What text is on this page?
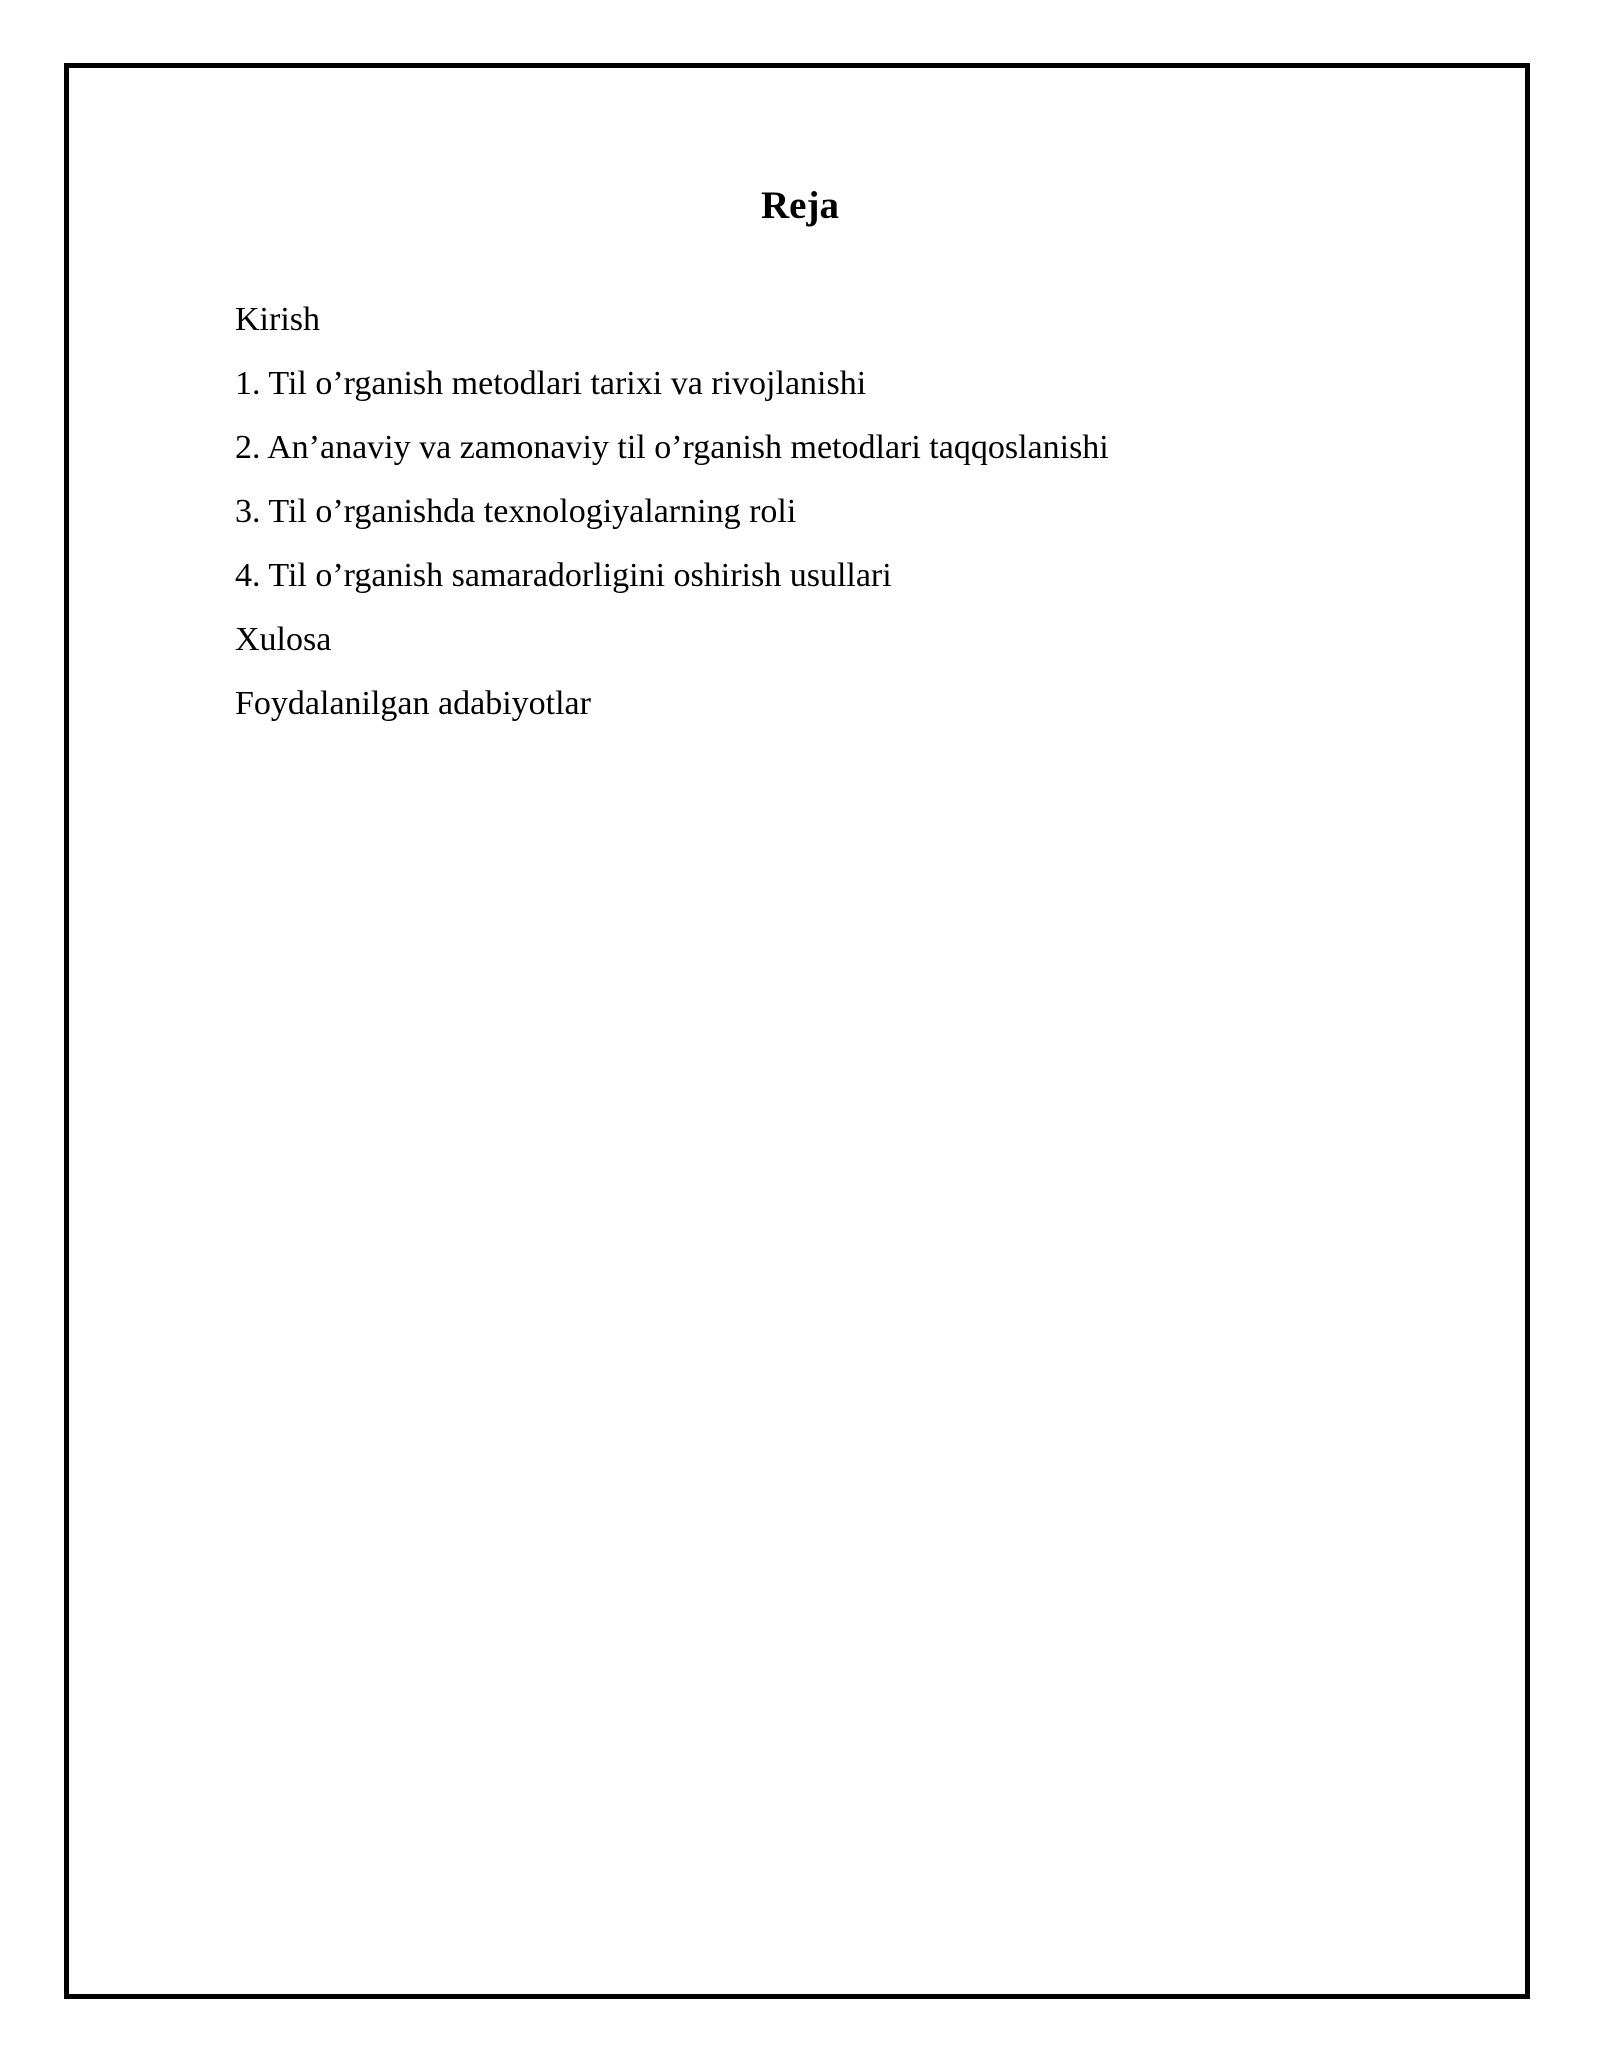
Reja
Kirish
1. Til o’rganish metodlari tarixi va rivojlanishi
2. An’anaviy va zamonaviy til o’rganish metodlari taqqoslanishi
3. Til o’rganishda texnologiyalarning roli
4. Til o’rganish samaradorligini oshirish usullari
Xulosa
Foydalanilgan adabiyotlar
